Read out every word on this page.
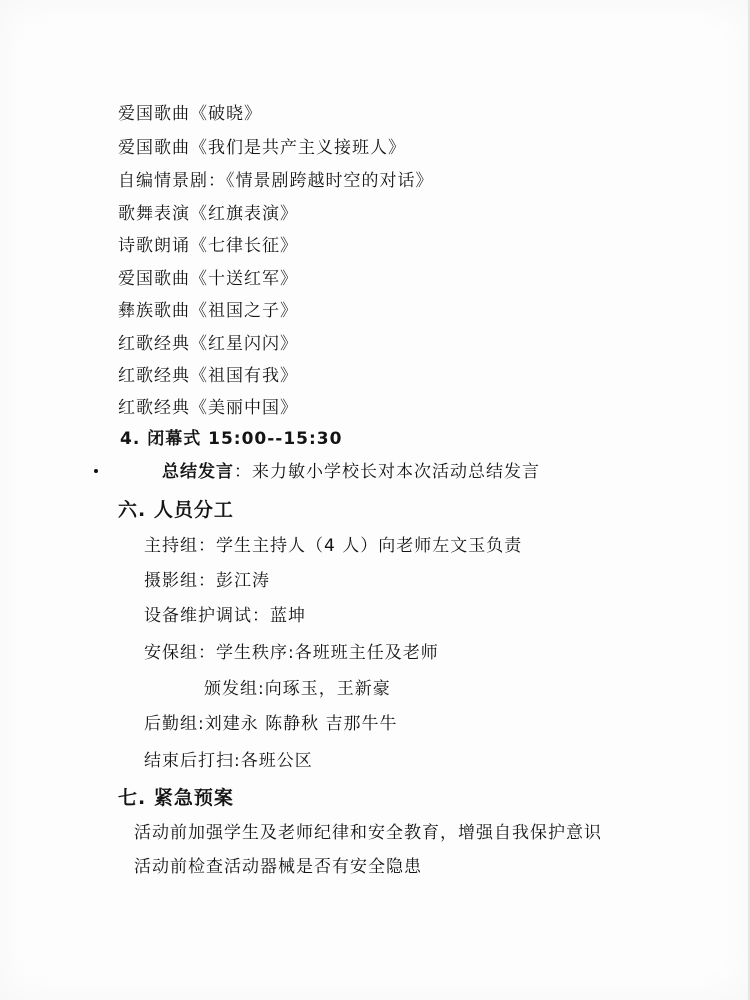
爱国歌曲《破晓》
爱国歌曲《我们是共产主义接班人》
自编情景剧：《情景剧跨越时空的对话》
歌舞表演《红旗表演》
诗歌朗诵《七律长征》
爱国歌曲《十送红军》
彝族歌曲《祖国之子》
红歌经典《红星闪闪》
红歌经典《祖国有我》
红歌经典《美丽中国》
4. 闭幕式 15:00--15:30
总结发言：来力敏小学校长对本次活动总结发言
六. 人员分工
主持组：学生主持人（4 人）向老师左文玉负责
摄影组：彭江涛
设备维护调试：蓝坤
安保组：学生秩序:各班班主任及老师
颁发组:向琢玉，王新豪
后勤组:刘建永 陈静秋 吉那牛牛
结束后打扫:各班公区
七. 紧急预案
活动前加强学生及老师纪律和安全教育，增强自我保护意识
活动前检查活动器械是否有安全隐患
